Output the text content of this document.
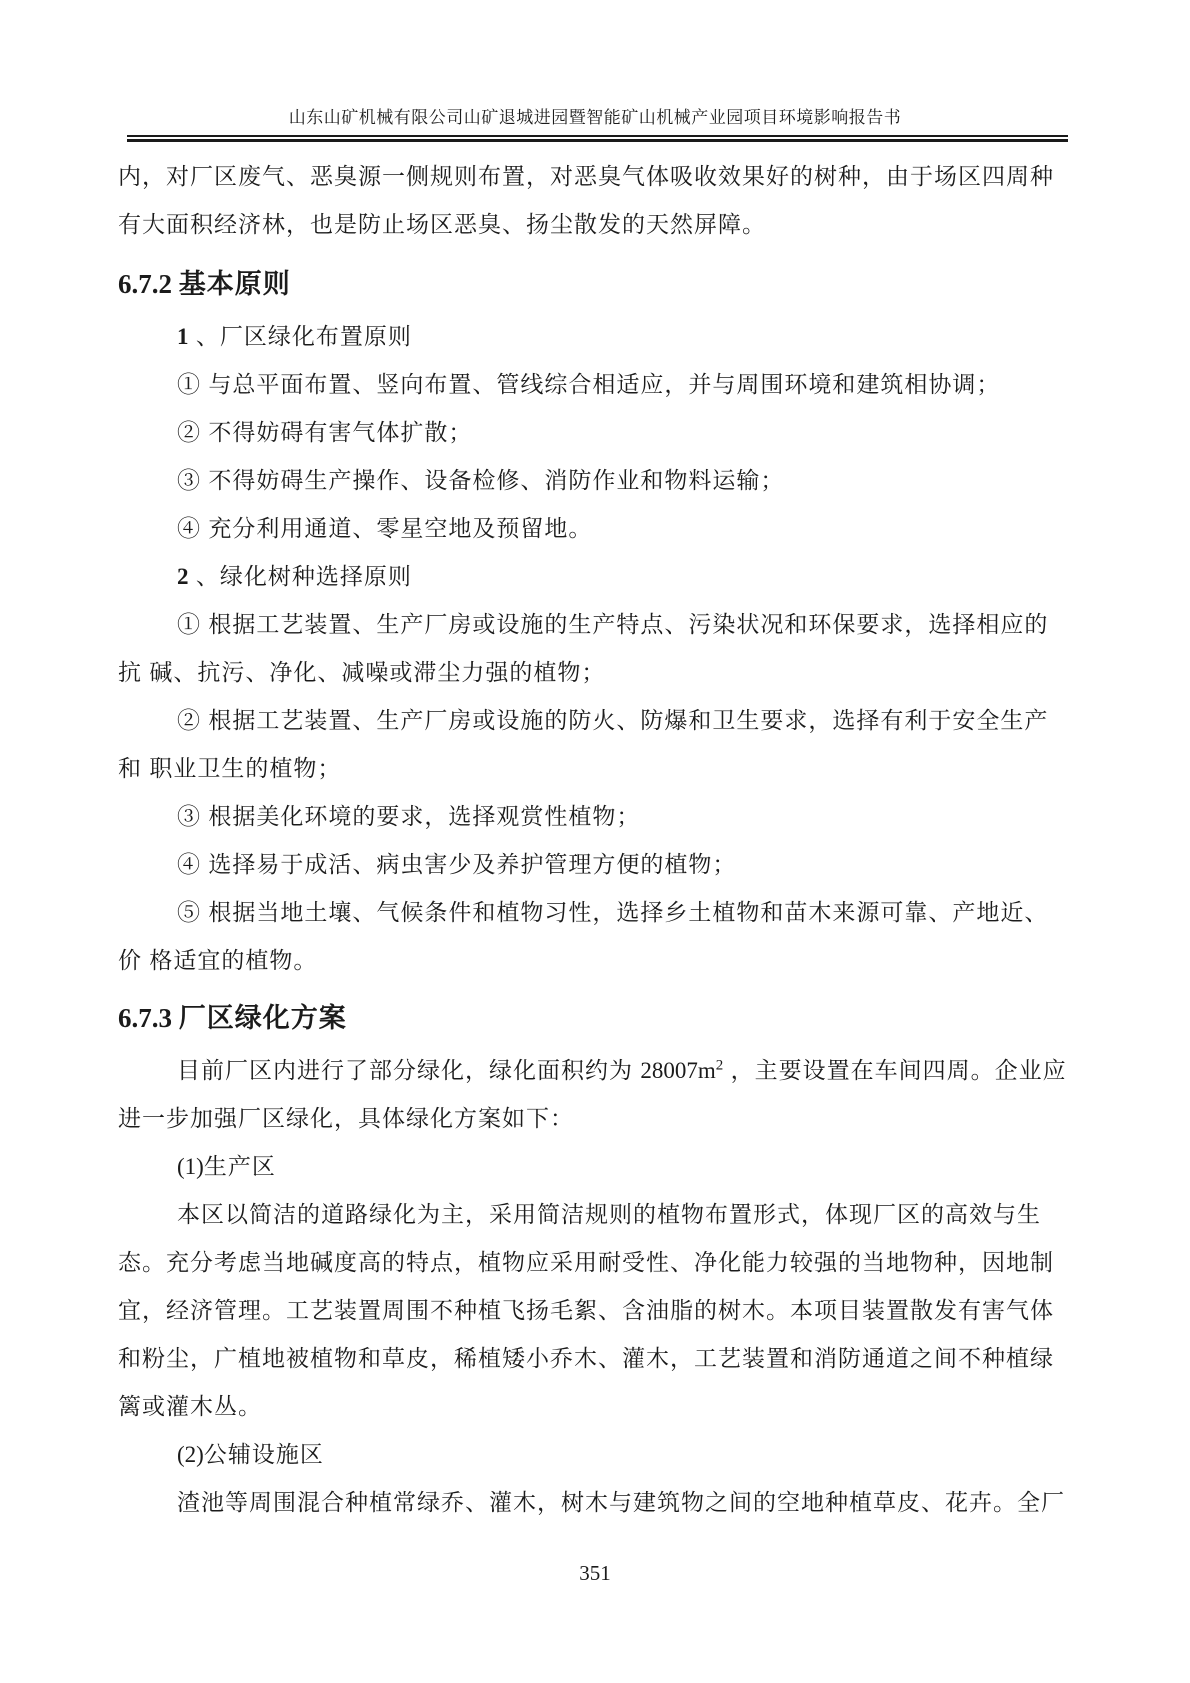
山东山矿机械有限公司山矿退城进园暨智能矿山机械产业园项目环境影响报告书
内，对厂区废气、恶臭源一侧规则布置，对恶臭气体吸收效果好的树种，由于场区四周种
有大面积经济林，也是防止场区恶臭、扬尘散发的天然屏障。
6.7.2 基本原则
1 、厂区绿化布置原则
① 与总平面布置、竖向布置、管线综合相适应，并与周围环境和建筑相协调；
② 不得妨碍有害气体扩散；
③ 不得妨碍生产操作、设备检修、消防作业和物料运输；
④ 充分利用通道、零星空地及预留地。
2 、绿化树种选择原则
① 根据工艺装置、生产厂房或设施的生产特点、污染状况和环保要求，选择相应的
抗 碱、抗污、净化、减噪或滞尘力强的植物；
② 根据工艺装置、生产厂房或设施的防火、防爆和卫生要求，选择有利于安全生产
和 职业卫生的植物；
③ 根据美化环境的要求，选择观赏性植物；
④ 选择易于成活、病虫害少及养护管理方便的植物；
⑤ 根据当地土壤、气候条件和植物习性，选择乡土植物和苗木来源可靠、产地近、
价 格适宜的植物。
6.7.3 厂区绿化方案
目前厂区内进行了部分绿化，绿化面积约为 $28007m^2$ ，主要设置在车间四周。企业应
进一步加强厂区绿化，具体绿化方案如下：
(1)生产区
本区以简洁的道路绿化为主，采用简洁规则的植物布置形式，体现厂区的高效与生
态。充分考虑当地碱度高的特点，植物应采用耐受性、净化能力较强的当地物种，因地制
宜，经济管理。工艺装置周围不种植飞扬毛絮、含油脂的树木。本项目装置散发有害气体
和粉尘，广植地被植物和草皮，稀植矮小乔木、灌木，工艺装置和消防通道之间不种植绿
篱或灌木丛。
(2)公辅设施区
渣池等周围混合种植常绿乔、灌木，树木与建筑物之间的空地种植草皮、花卉。全厂
351
